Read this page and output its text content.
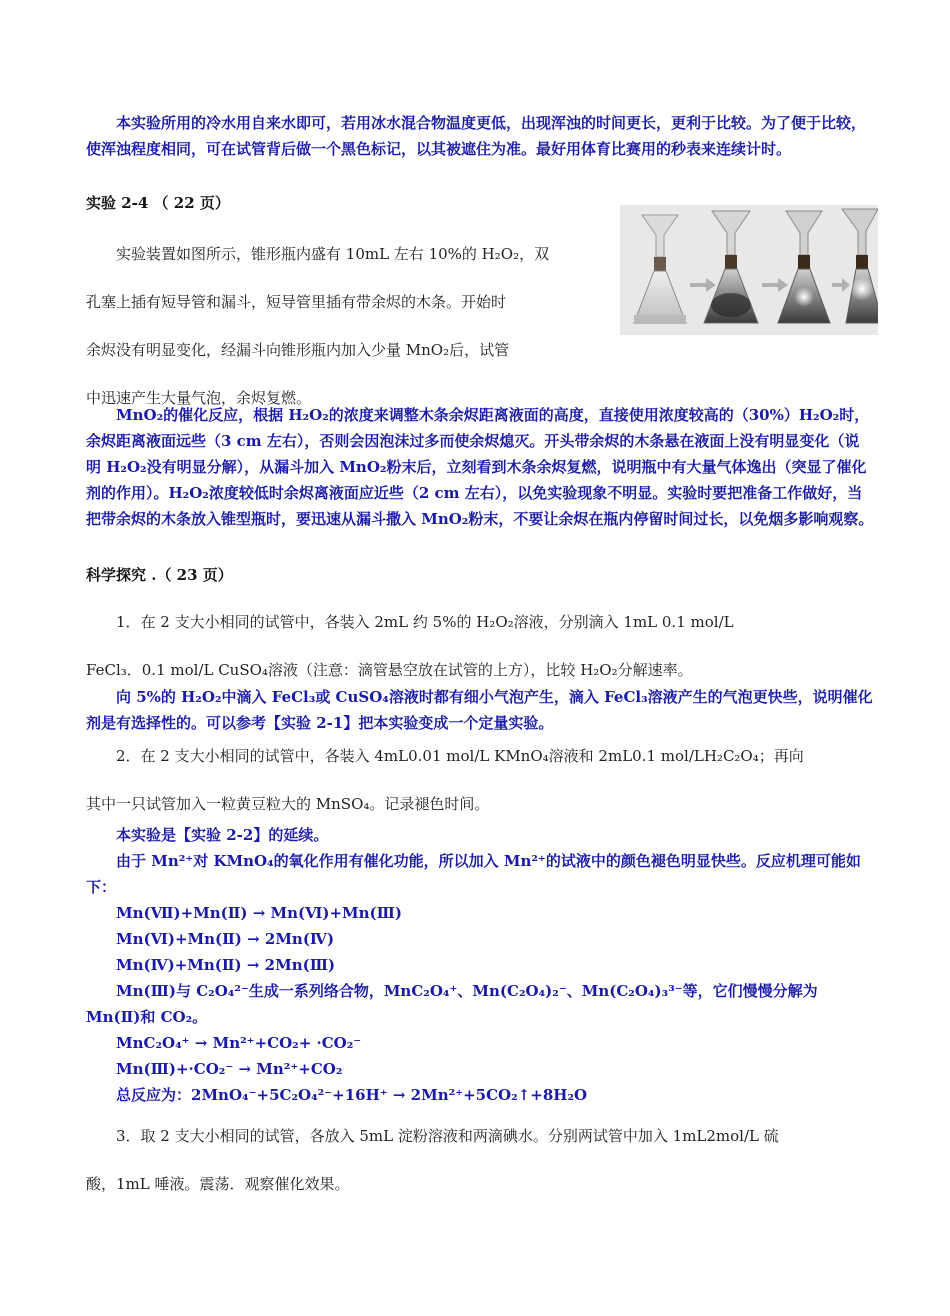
本实验所用的冷水用自来水即可，若用冰水混合物温度更低，出现浑浊的时间更长，更利于比较。为了便于比较，使浑浊程度相同，可在试管背后做一个黑色标记，以其被遮住为准。最好用体育比赛用的秒表来连续计时。

实验 2-4 （ 22 页）

实验装置如图所示，锥形瓶内盛有 10mL 左右 10%的 H₂O₂，双

孔塞上插有短导管和漏斗，短导管里插有带余烬的木条。开始时

余烬没有明显变化，经漏斗向锥形瓶内加入少量 MnO₂后，试管

中迅速产生大量气泡，余烬复燃。

MnO₂的催化反应，根据 H₂O₂的浓度来调整木条余烬距离液面的高度，直接使用浓度较高的（30%）H₂O₂时，余烬距离液面远些（3 cm 左右），否则会因泡沫过多而使余烬熄灭。开头带余烬的木条悬在液面上没有明显变化（说明 H₂O₂没有明显分解），从漏斗加入 MnO₂粉末后，立刻看到木条余烬复燃，说明瓶中有大量气体逸出（突显了催化剂的作用）。H₂O₂浓度较低时余烬离液面应近些（2 cm 左右），以免实验现象不明显。实验时要把准备工作做好，当把带余烬的木条放入锥型瓶时，要迅速从漏斗撒入 MnO₂粉末，不要让余烬在瓶内停留时间过长，以免烟多影响观察。

科学探究 .（ 23 页）

1．在 2 支大小相同的试管中，各装入 2mL 约 5%的 H₂O₂溶液，分别滴入 1mL 0.1 mol/L

FeCl₃．0.1 mol/L CuSO₄溶液（注意：滴管悬空放在试管的上方），比较 H₂O₂分解速率。

向 5%的 H₂O₂中滴入 FeCl₃或 CuSO₄溶液时都有细小气泡产生，滴入 FeCl₃溶液产生的气泡更快些，说明催化剂是有选择性的。可以参考【实验 2-1】把本实验变成一个定量实验。

2．在 2 支大小相同的试管中，各装入 4mL0.01 mol/L KMnO₄溶液和 2mL0.1 mol/LH₂C₂O₄；再向

其中一只试管加入一粒黄豆粒大的 MnSO₄。记录褪色时间。

本实验是【实验 2-2】的延续。

由于 Mn²⁺对 KMnO₄的氧化作用有催化功能，所以加入 Mn²⁺的试液中的颜色褪色明显快些。反应机理可能如下：

Mn(Ⅶ)+Mn(Ⅱ) → Mn(Ⅵ)+Mn(Ⅲ)

Mn(Ⅵ)+Mn(Ⅱ) → 2Mn(Ⅳ)

Mn(Ⅳ)+Mn(Ⅱ) → 2Mn(Ⅲ)

Mn(Ⅲ)与 C₂O₄²⁻生成一系列络合物，MnC₂O₄⁺、Mn(C₂O₄)₂⁻、Mn(C₂O₄)₃³⁻等，它们慢慢分解为 Mn(Ⅱ)和 CO₂。

MnC₂O₄⁺ → Mn²⁺+CO₂+ ·CO₂⁻

Mn(Ⅲ)+·CO₂⁻ → Mn²⁺+CO₂

总反应为：2MnO₄⁻+5C₂O₄²⁻+16H⁺ → 2Mn²⁺+5CO₂↑+8H₂O

3．取 2 支大小相同的试管，各放入 5mL 淀粉溶液和两滴碘水。分别两试管中加入 1mL2mol/L 硫

酸，1mL 唾液。震荡．观察催化效果。
